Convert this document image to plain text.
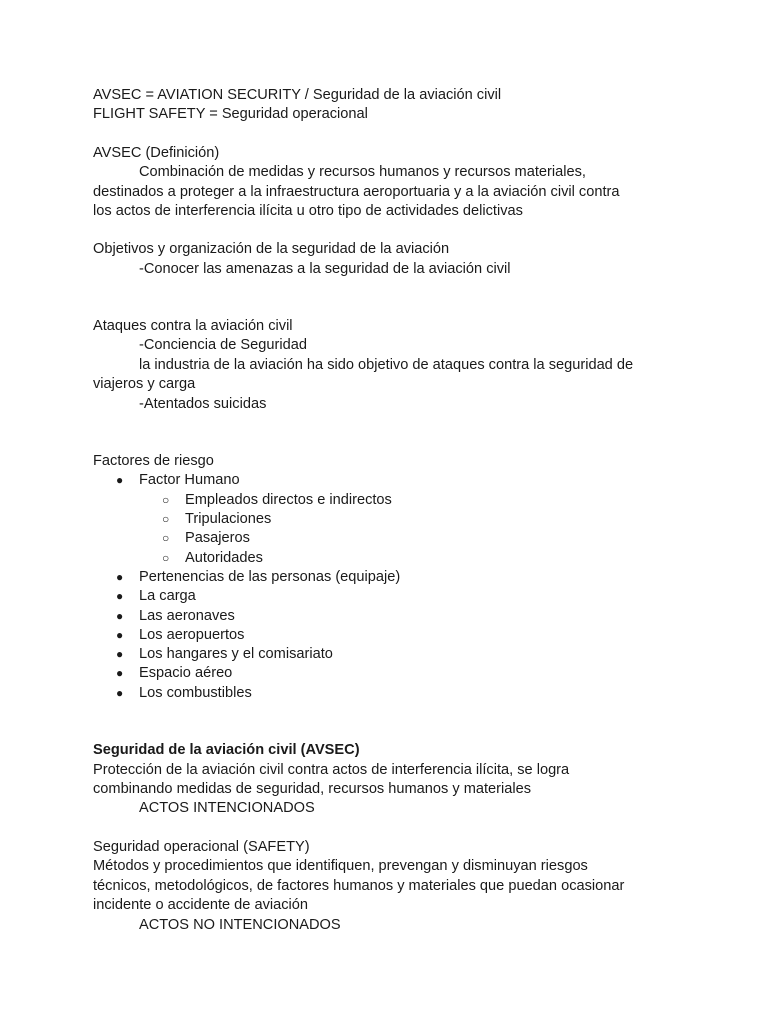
AVSEC = AVIATION SECURITY / Seguridad de la aviación civil
FLIGHT SAFETY = Seguridad operacional
AVSEC (Definición)
Combinación de medidas y recursos humanos y recursos materiales,
destinados a proteger a la infraestructura aeroportuaria y a la aviación civil contra
los actos de interferencia ilícita u otro tipo de actividades delictivas
Objetivos y organización de la seguridad de la aviación
-Conocer las amenazas a la seguridad de la aviación civil
Ataques contra la aviación civil
-Conciencia de Seguridad
la industria de la aviación ha sido objetivo de ataques contra la seguridad de
viajeros y carga
-Atentados suicidas
Factores de riesgo
● Factor Humano
○ Empleados directos e indirectos
○ Tripulaciones
○ Pasajeros
○ Autoridades
● Pertenencias de las personas (equipaje)
● La carga
● Las aeronaves
● Los aeropuertos
● Los hangares y el comisariato
● Espacio aéreo
● Los combustibles
Seguridad de la aviación civil (AVSEC)
Protección de la aviación civil contra actos de interferencia ilícita, se logra
combinando medidas de seguridad, recursos humanos y materiales
ACTOS INTENCIONADOS
Seguridad operacional (SAFETY)
Métodos y procedimientos que identifiquen, prevengan y disminuyan riesgos
técnicos, metodológicos, de factores humanos y materiales que puedan ocasionar
incidente o accidente de aviación
ACTOS NO INTENCIONADOS
